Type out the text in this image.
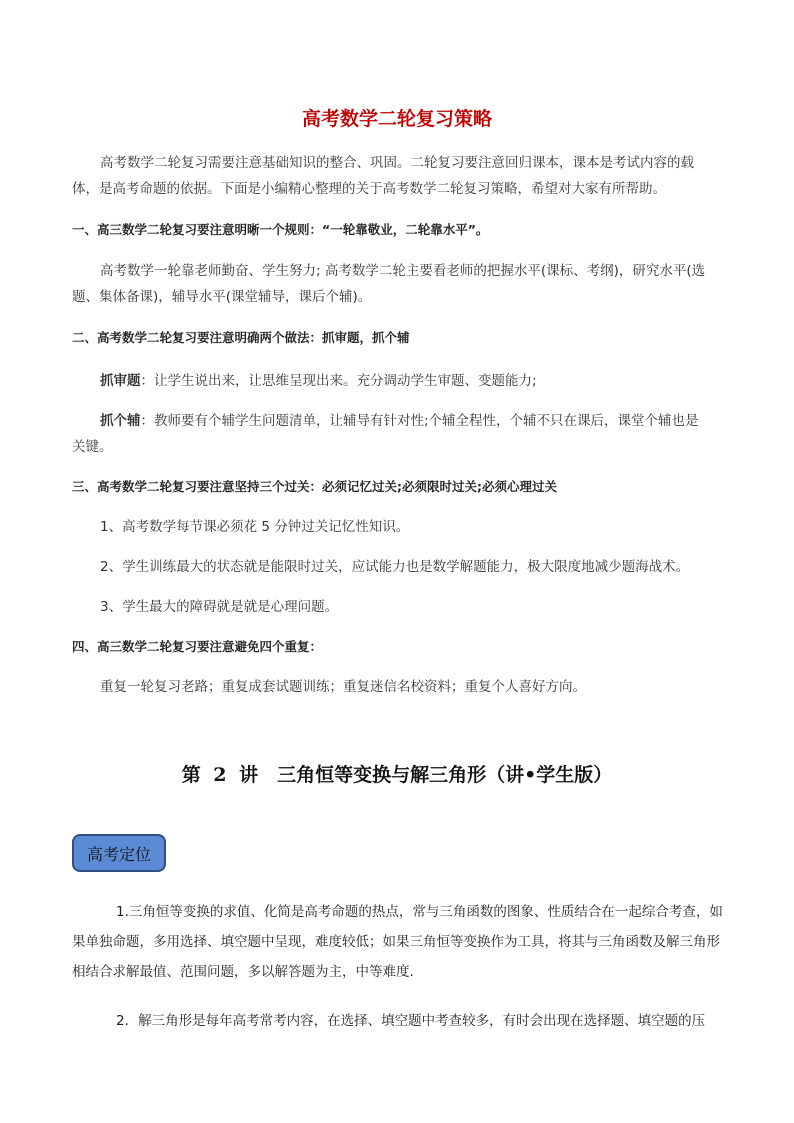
高考数学二轮复习策略
高考数学二轮复习需要注意基础知识的整合、巩固。二轮复习要注意回归课本，课本是考试内容的载体，是高考命题的依据。下面是小编精心整理的关于高考数学二轮复习策略，希望对大家有所帮助。
一、高三数学二轮复习要注意明晰一个规则：“一轮靠敬业，二轮靠水平”。
高考数学一轮靠老师勤奋、学生努力; 高考数学二轮主要看老师的把握水平(课标、考纲)，研究水平(选题、集体备课)，辅导水平(课堂辅导，课后个辅)。
二、高考数学二轮复习要注意明确两个做法：抓审题，抓个辅
抓审题：让学生说出来，让思维呈现出来。充分调动学生审题、变题能力;
抓个辅：教师要有个辅学生问题清单，让辅导有针对性;个辅全程性，个辅不只在课后，课堂个辅也是关键。
三、高考数学二轮复习要注意坚持三个过关：必须记忆过关;必须限时过关;必须心理过关
1、高考数学每节课必须花 5 分钟过关记忆性知识。
2、学生训练最大的状态就是能限时过关，应试能力也是数学解题能力，极大限度地减少题海战术。
3、学生最大的障碍就是就是心理问题。
四、高三数学二轮复习要注意避免四个重复：
重复一轮复习老路；重复成套试题训练；重复迷信名校资料；重复个人喜好方向。
第 2 讲　三角恒等变换与解三角形（讲•学生版）
高考定位
1.三角恒等变换的求值、化简是高考命题的热点，常与三角函数的图象、性质结合在一起综合考查，如果单独命题，多用选择、填空题中呈现，难度较低；如果三角恒等变换作为工具，将其与三角函数及解三角形相结合求解最值、范围问题，多以解答题为主，中等难度.
2．解三角形是每年高考常考内容，在选择、填空题中考查较多，有时会出现在选择题、填空题的压
